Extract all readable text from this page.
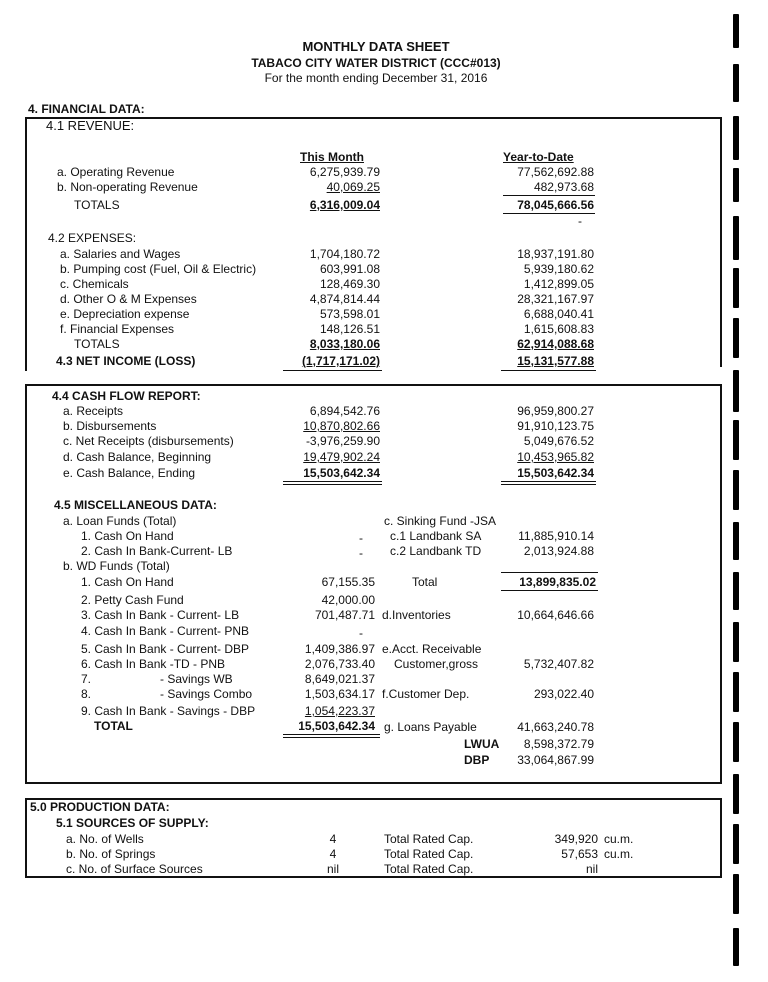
MONTHLY DATA SHEET
TABACO CITY WATER DISTRICT (CCC#013)
For the month ending December 31, 2016
4. FINANCIAL DATA:
4.1 REVENUE:
This Month	Year-to-Date
a. Operating Revenue	6,275,939.79	77,562,692.88
b. Non-operating Revenue	40,069.25	482,973.68
TOTALS	6,316,009.04	78,045,666.56
-
4.2 EXPENSES:
a. Salaries and Wages	1,704,180.72	18,937,191.80
b. Pumping cost (Fuel, Oil & Electric)	603,991.08	5,939,180.62
c. Chemicals	128,469.30	1,412,899.05
d. Other O & M Expenses	4,874,814.44	28,321,167.97
e. Depreciation expense	573,598.01	6,688,040.41
f. Financial Expenses	148,126.51	1,615,608.83
TOTALS	8,033,180.06	62,914,088.68
4.3 NET INCOME (LOSS)	(1,717,171.02)	15,131,577.88
4.4 CASH FLOW REPORT:
a. Receipts	6,894,542.76	96,959,800.27
b. Disbursements	10,870,802.66	91,910,123.75
c. Net Receipts (disbursements)	-3,976,259.90	5,049,676.52
d. Cash Balance, Beginning	19,479,902.24	10,453,965.82
e. Cash Balance, Ending	15,503,642.34	15,503,642.34
4.5 MISCELLANEOUS DATA:
a. Loan Funds (Total)
1. Cash On Hand	-
2. Cash In Bank-Current- LB	-
b. WD Funds (Total)
1. Cash On Hand	67,155.35
2. Petty Cash Fund	42,000.00
3. Cash In Bank - Current- LB	701,487.71
4. Cash In Bank - Current- PNB	-
5. Cash In Bank - Current- DBP	1,409,386.97
6. Cash In Bank -TD - PNB	2,076,733.40
7.	- Savings WB	8,649,021.37
8.	- Savings Combo	1,503,634.17
9. Cash In Bank - Savings - DBP	1,054,223.37
TOTAL	15,503,642.34
c. Sinking Fund -JSA
c.1 Landbank SA	11,885,910.14
c.2 Landbank TD	2,013,924.88
Total	13,899,835.02
d.Inventories	10,664,646.66
e.Acct. Receivable
Customer,gross	5,732,407.82
f.Customer Dep.	293,022.40
g. Loans Payable	41,663,240.78
LWUA	8,598,372.79
DBP	33,064,867.99
5.0 PRODUCTION DATA:
5.1 SOURCES OF SUPPLY:
a. No. of Wells	4	Total Rated Cap.	349,920 cu.m.
b. No. of Springs	4	Total Rated Cap.	57,653 cu.m.
c. No. of Surface Sources	nil	Total Rated Cap.	nil
